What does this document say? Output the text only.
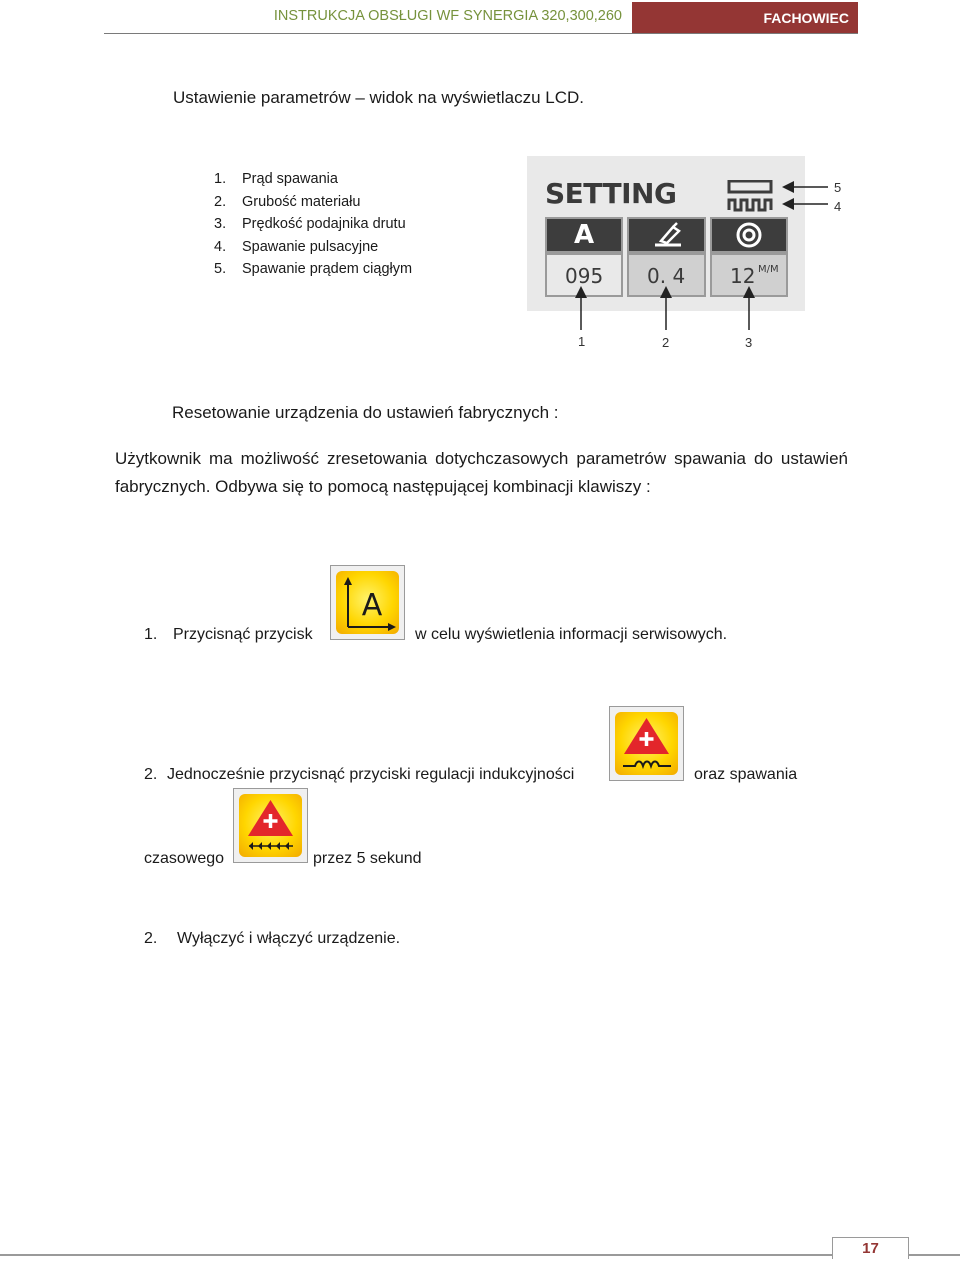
INSTRUKCJA OBSŁUGI WF SYNERGIA 320,300,260	FACHOWIEC
Ustawienie parametrów – widok na wyświetlaczu LCD.
1. Prąd spawania
2. Grubość materiału
3. Prędkość podajnika drutu
4. Spawanie pulsacyjne
5. Spawanie prądem ciągłym
SETTING
A
095 0. 4 12 M/M
5
4
1	2	3
Resetowanie urządzenia do ustawień fabrycznych :
Użytkownik ma możliwość zresetowania dotychczasowych parametrów spawania do ustawień fabrycznych. Odbywa się to pomocą następującej kombinacji klawiszy :
1. Przycisnąć przycisk
A
w celu wyświetlenia informacji serwisowych.
2. Jednocześnie przycisnąć przyciski regulacji indukcyjności	oraz spawania
czasowego	przez 5 sekund
2. Wyłączyć i włączyć urządzenie.
17
